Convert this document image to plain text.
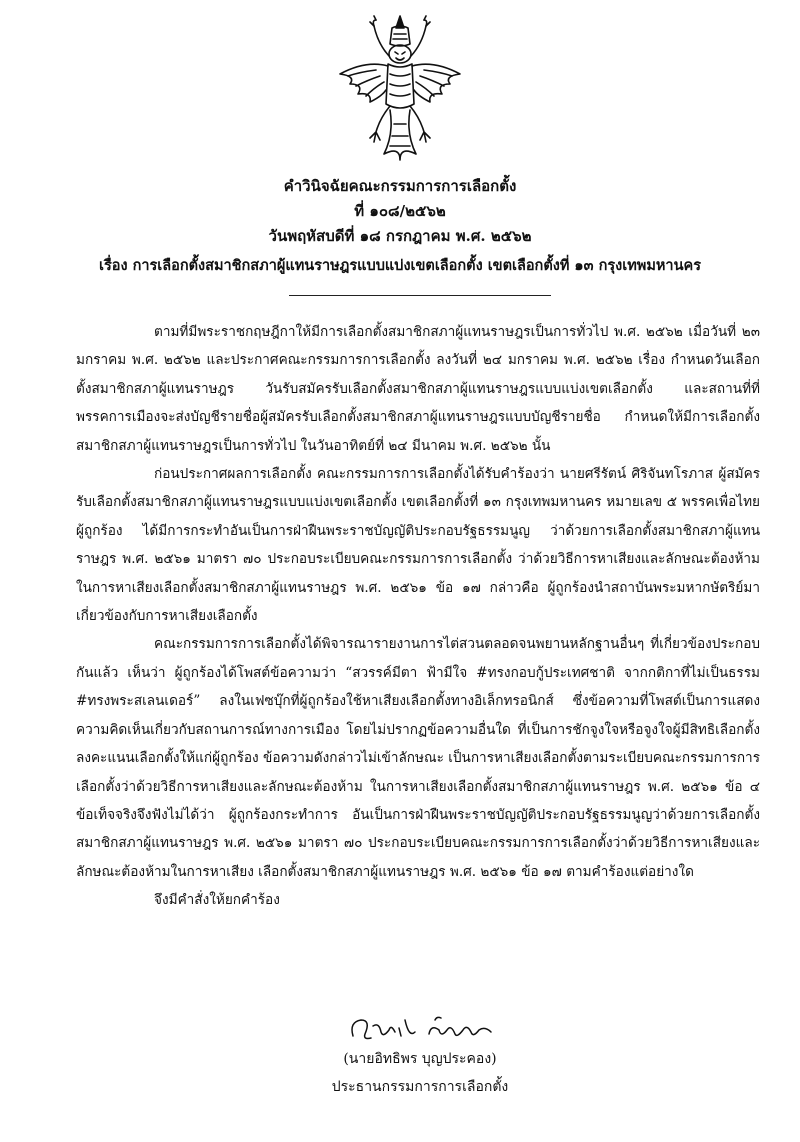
คำวินิจฉัยคณะกรรมการการเลือกตั้ง
ที่ ๑๐๘/๒๕๖๒
วันพฤหัสบดีที่ ๑๘ กรกฎาคม พ.ศ. ๒๕๖๒
เรื่อง การเลือกตั้งสมาชิกสภาผู้แทนราษฎรแบบแบ่งเขตเลือกตั้ง เขตเลือกตั้งที่ ๑๓ กรุงเทพมหานคร

ตามที่มีพระราชกฤษฎีกาให้มีการเลือกตั้งสมาชิกสภาผู้แทนราษฎรเป็นการทั่วไป พ.ศ. ๒๕๖๒ เมื่อวันที่ ๒๓ มกราคม พ.ศ. ๒๕๖๒ และประกาศคณะกรรมการการเลือกตั้ง ลงวันที่ ๒๔ มกราคม พ.ศ. ๒๕๖๒ เรื่อง กำหนดวันเลือกตั้งสมาชิกสภาผู้แทนราษฎร วันรับสมัครรับเลือกตั้งสมาชิกสภาผู้แทนราษฎรแบบแบ่งเขตเลือกตั้ง และสถานที่ที่พรรคการเมืองจะส่งบัญชีรายชื่อผู้สมัครรับเลือกตั้งสมาชิกสภาผู้แทนราษฎรแบบบัญชีรายชื่อ กำหนดให้มีการเลือกตั้งสมาชิกสภาผู้แทนราษฎรเป็นการทั่วไป ในวันอาทิตย์ที่ ๒๔ มีนาคม พ.ศ. ๒๕๖๒ นั้น

ก่อนประกาศผลการเลือกตั้ง คณะกรรมการการเลือกตั้งได้รับคำร้องว่า นายศรีรัตน์ ศิริจันทโรภาส ผู้สมัครรับเลือกตั้งสมาชิกสภาผู้แทนราษฎรแบบแบ่งเขตเลือกตั้ง เขตเลือกตั้งที่ ๑๓ กรุงเทพมหานคร หมายเลข ๕ พรรคเพื่อไทย ผู้ถูกร้อง ได้มีการกระทำอันเป็นการฝ่าฝืนพระราชบัญญัติประกอบรัฐธรรมนูญ ว่าด้วยการเลือกตั้งสมาชิกสภาผู้แทนราษฎร พ.ศ. ๒๕๖๑ มาตรา ๗๐ ประกอบระเบียบคณะกรรมการการเลือกตั้ง ว่าด้วยวิธีการหาเสียงและลักษณะต้องห้ามในการหาเสียงเลือกตั้งสมาชิกสภาผู้แทนราษฎร พ.ศ. ๒๕๖๑ ข้อ ๑๗ กล่าวคือ ผู้ถูกร้องนำสถาบันพระมหากษัตริย์มาเกี่ยวข้องกับการหาเสียงเลือกตั้ง

คณะกรรมการการเลือกตั้งได้พิจารณารายงานการไต่สวนตลอดจนพยานหลักฐานอื่นๆ ที่เกี่ยวข้องประกอบกันแล้ว เห็นว่า ผู้ถูกร้องได้โพสต์ข้อความว่า “สวรรค์มีตา ฟ้ามีใจ #ทรงกอบกู้ประเทศชาติ จากกติกาที่ไม่เป็นธรรม #ทรงพระสเลนเดอร์” ลงในเฟซบุ๊กที่ผู้ถูกร้องใช้หาเสียงเลือกตั้งทางอิเล็กทรอนิกส์ ซึ่งข้อความที่โพสต์เป็นการแสดงความคิดเห็นเกี่ยวกับสถานการณ์ทางการเมือง โดยไม่ปรากฏข้อความอื่นใด ที่เป็นการชักจูงใจหรือจูงใจผู้มีสิทธิเลือกตั้งลงคะแนนเลือกตั้งให้แก่ผู้ถูกร้อง ข้อความดังกล่าวไม่เข้าลักษณะ เป็นการหาเสียงเลือกตั้งตามระเบียบคณะกรรมการการเลือกตั้งว่าด้วยวิธีการหาเสียงและลักษณะต้องห้าม ในการหาเสียงเลือกตั้งสมาชิกสภาผู้แทนราษฎร พ.ศ. ๒๕๖๑ ข้อ ๔ ข้อเท็จจริงจึงฟังไม่ได้ว่า ผู้ถูกร้องกระทำการ อันเป็นการฝ่าฝืนพระราชบัญญัติประกอบรัฐธรรมนูญว่าด้วยการเลือกตั้งสมาชิกสภาผู้แทนราษฎร พ.ศ. ๒๕๖๑ มาตรา ๗๐ ประกอบระเบียบคณะกรรมการการเลือกตั้งว่าด้วยวิธีการหาเสียงและลักษณะต้องห้ามในการหาเสียง เลือกตั้งสมาชิกสภาผู้แทนราษฎร พ.ศ. ๒๕๖๑ ข้อ ๑๗ ตามคำร้องแต่อย่างใด

จึงมีคำสั่งให้ยกคำร้อง

(นายอิทธิพร บุญประคอง)
ประธานกรรมการการเลือกตั้ง
